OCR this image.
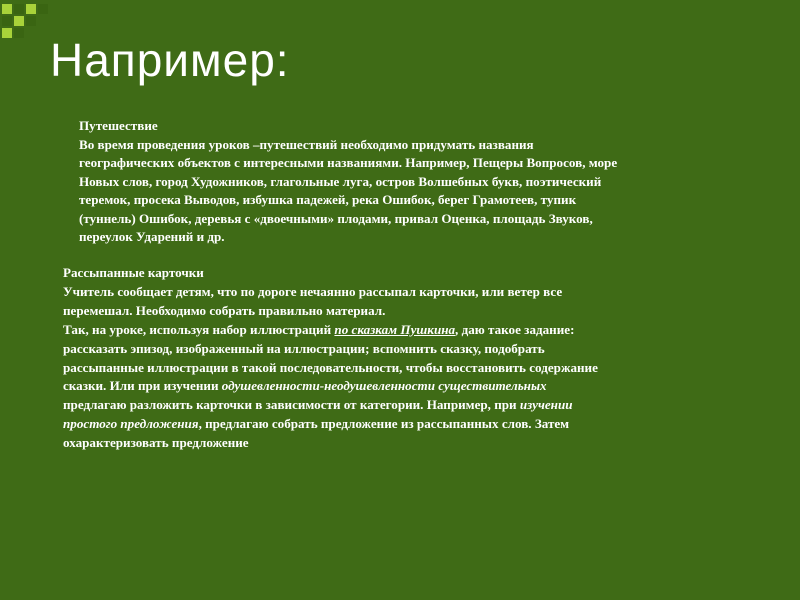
Например:
Путешествие
Во время проведения уроков –путешествий необходимо придумать названия
географических объектов с интересными названиями. Например, Пещеры Вопросов, море
Новых слов, город Художников, глагольные луга, остров Волшебных букв, поэтический
теремок, просека Выводов, избушка падежей, река Ошибок, берег Грамотеев, тупик
(туннель) Ошибок, деревья с «двоечными» плодами, привал Оценка, площадь Звуков,
переулок Ударений и др.
Рассыпанные карточки
Учитель сообщает детям, что по дороге нечаянно рассыпал карточки, или ветер все
перемешал. Необходимо собрать правильно материал.
Так, на уроке, используя набор иллюстраций по сказкам Пушкина, даю такое задание:
рассказать эпизод, изображенный на иллюстрации; вспомнить сказку, подобрать
рассыпанные иллюстрации в такой последовательности, чтобы восстановить содержание
сказки. Или при изучении одушевленности-неодушевленности существительных
предлагаю разложить карточки в зависимости от категории. Например, при изучении
простого предложения, предлагаю собрать предложение из рассыпанных слов. Затем
охарактеризовать предложение
